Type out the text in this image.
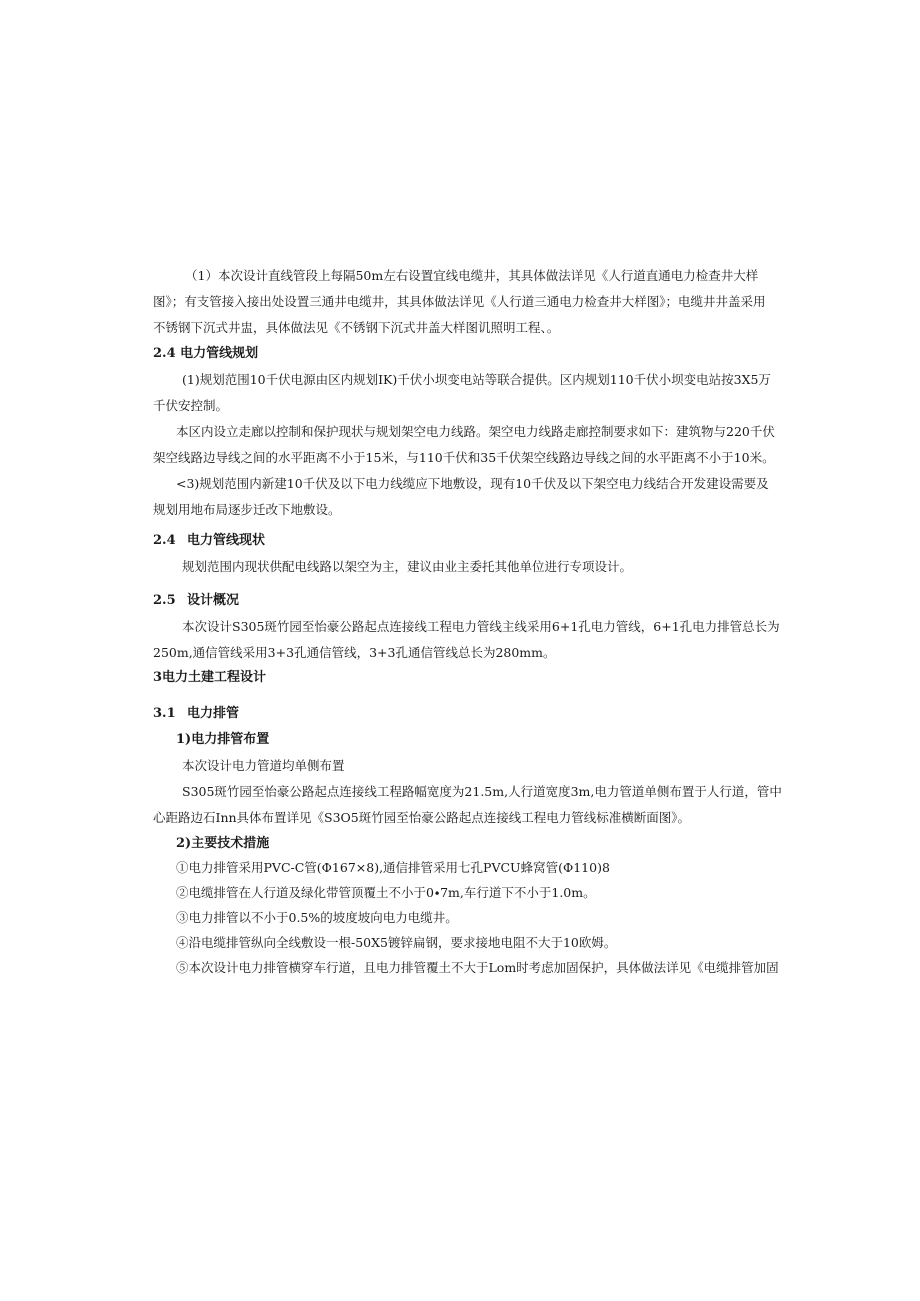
（1）本次设计直线管段上每隔50m左右设置宜线电缆井，其具体做法详见《人行道直通电力检查井大样
图》；有支管接入接出处设置三通井电缆井，其具体做法详见《人行道三通电力检查井大样图》；电缆井井盖采用
不锈钢下沉式井盅，具体做法见《不锈钢下沉式井盖大样图讥照明工程、。
2.4 电力管线规划
(1)规划范围10千伏电源由区内规划IK)千伏小坝变电站等联合提供。区内规划110千伏小坝变电站按3X5万
千伏安控制。
本区内设立走廊以控制和保护现状与规划架空电力线路。架空电力线路走廊控制要求如下：建筑物与220千伏
架空线路边导线之间的水平距离不小于15米，与110千伏和35千伏架空线路边导线之间的水平距离不小于10米。
<3)规划范围内新建10千伏及以下电力线缆应下地敷设，现有10千伏及以下架空电力线结合开发建设需要及
规划用地布局逐步迁改下地敷设。
2.4 电力管线现状
规划范围内现状供配电线路以架空为主，建议由业主委托其他单位进行专项设计。
2.5 设计概况
本次设计S305斑竹园至怡豪公路起点连接线工程电力管线主线采用6+1孔电力管线，6+1孔电力排管总长为
250m,通信管线采用3+3孔通信管线，3+3孔通信管线总长为280mm。
3电力土建工程设计
3.1 电力排管
1)电力排管布置
本次设计电力管道均单侧布置
S305斑竹园至怡豪公路起点连接线工程路幅宽度为21.5m,人行道宽度3m,电力管道单侧布置于人行道，管中
心距路边石Inn具体布置详见《S3O5斑竹园至怡豪公路起点连接线工程电力管线标准横断面图》。
2)主要技术措施
①电力排管采用PVC-C管(Φ167×8),通信排管采用七孔PVCU蜂窝管(Φ110)8
②电缆排管在人行道及绿化带管顶覆土不小于0∙7m,车行道下不小于1.0m。
③电力排管以不小于0.5%的坡度坡向电力电缆井。
④沿电缆排管纵向全线敷设一根-50X5镀锌扁钢，要求接地电阻不大于10欧姆。
⑤本次设计电力排管横穿车行道，且电力排管覆土不大于Lom时考虑加固保护，具体做法详见《电缆排管加固
